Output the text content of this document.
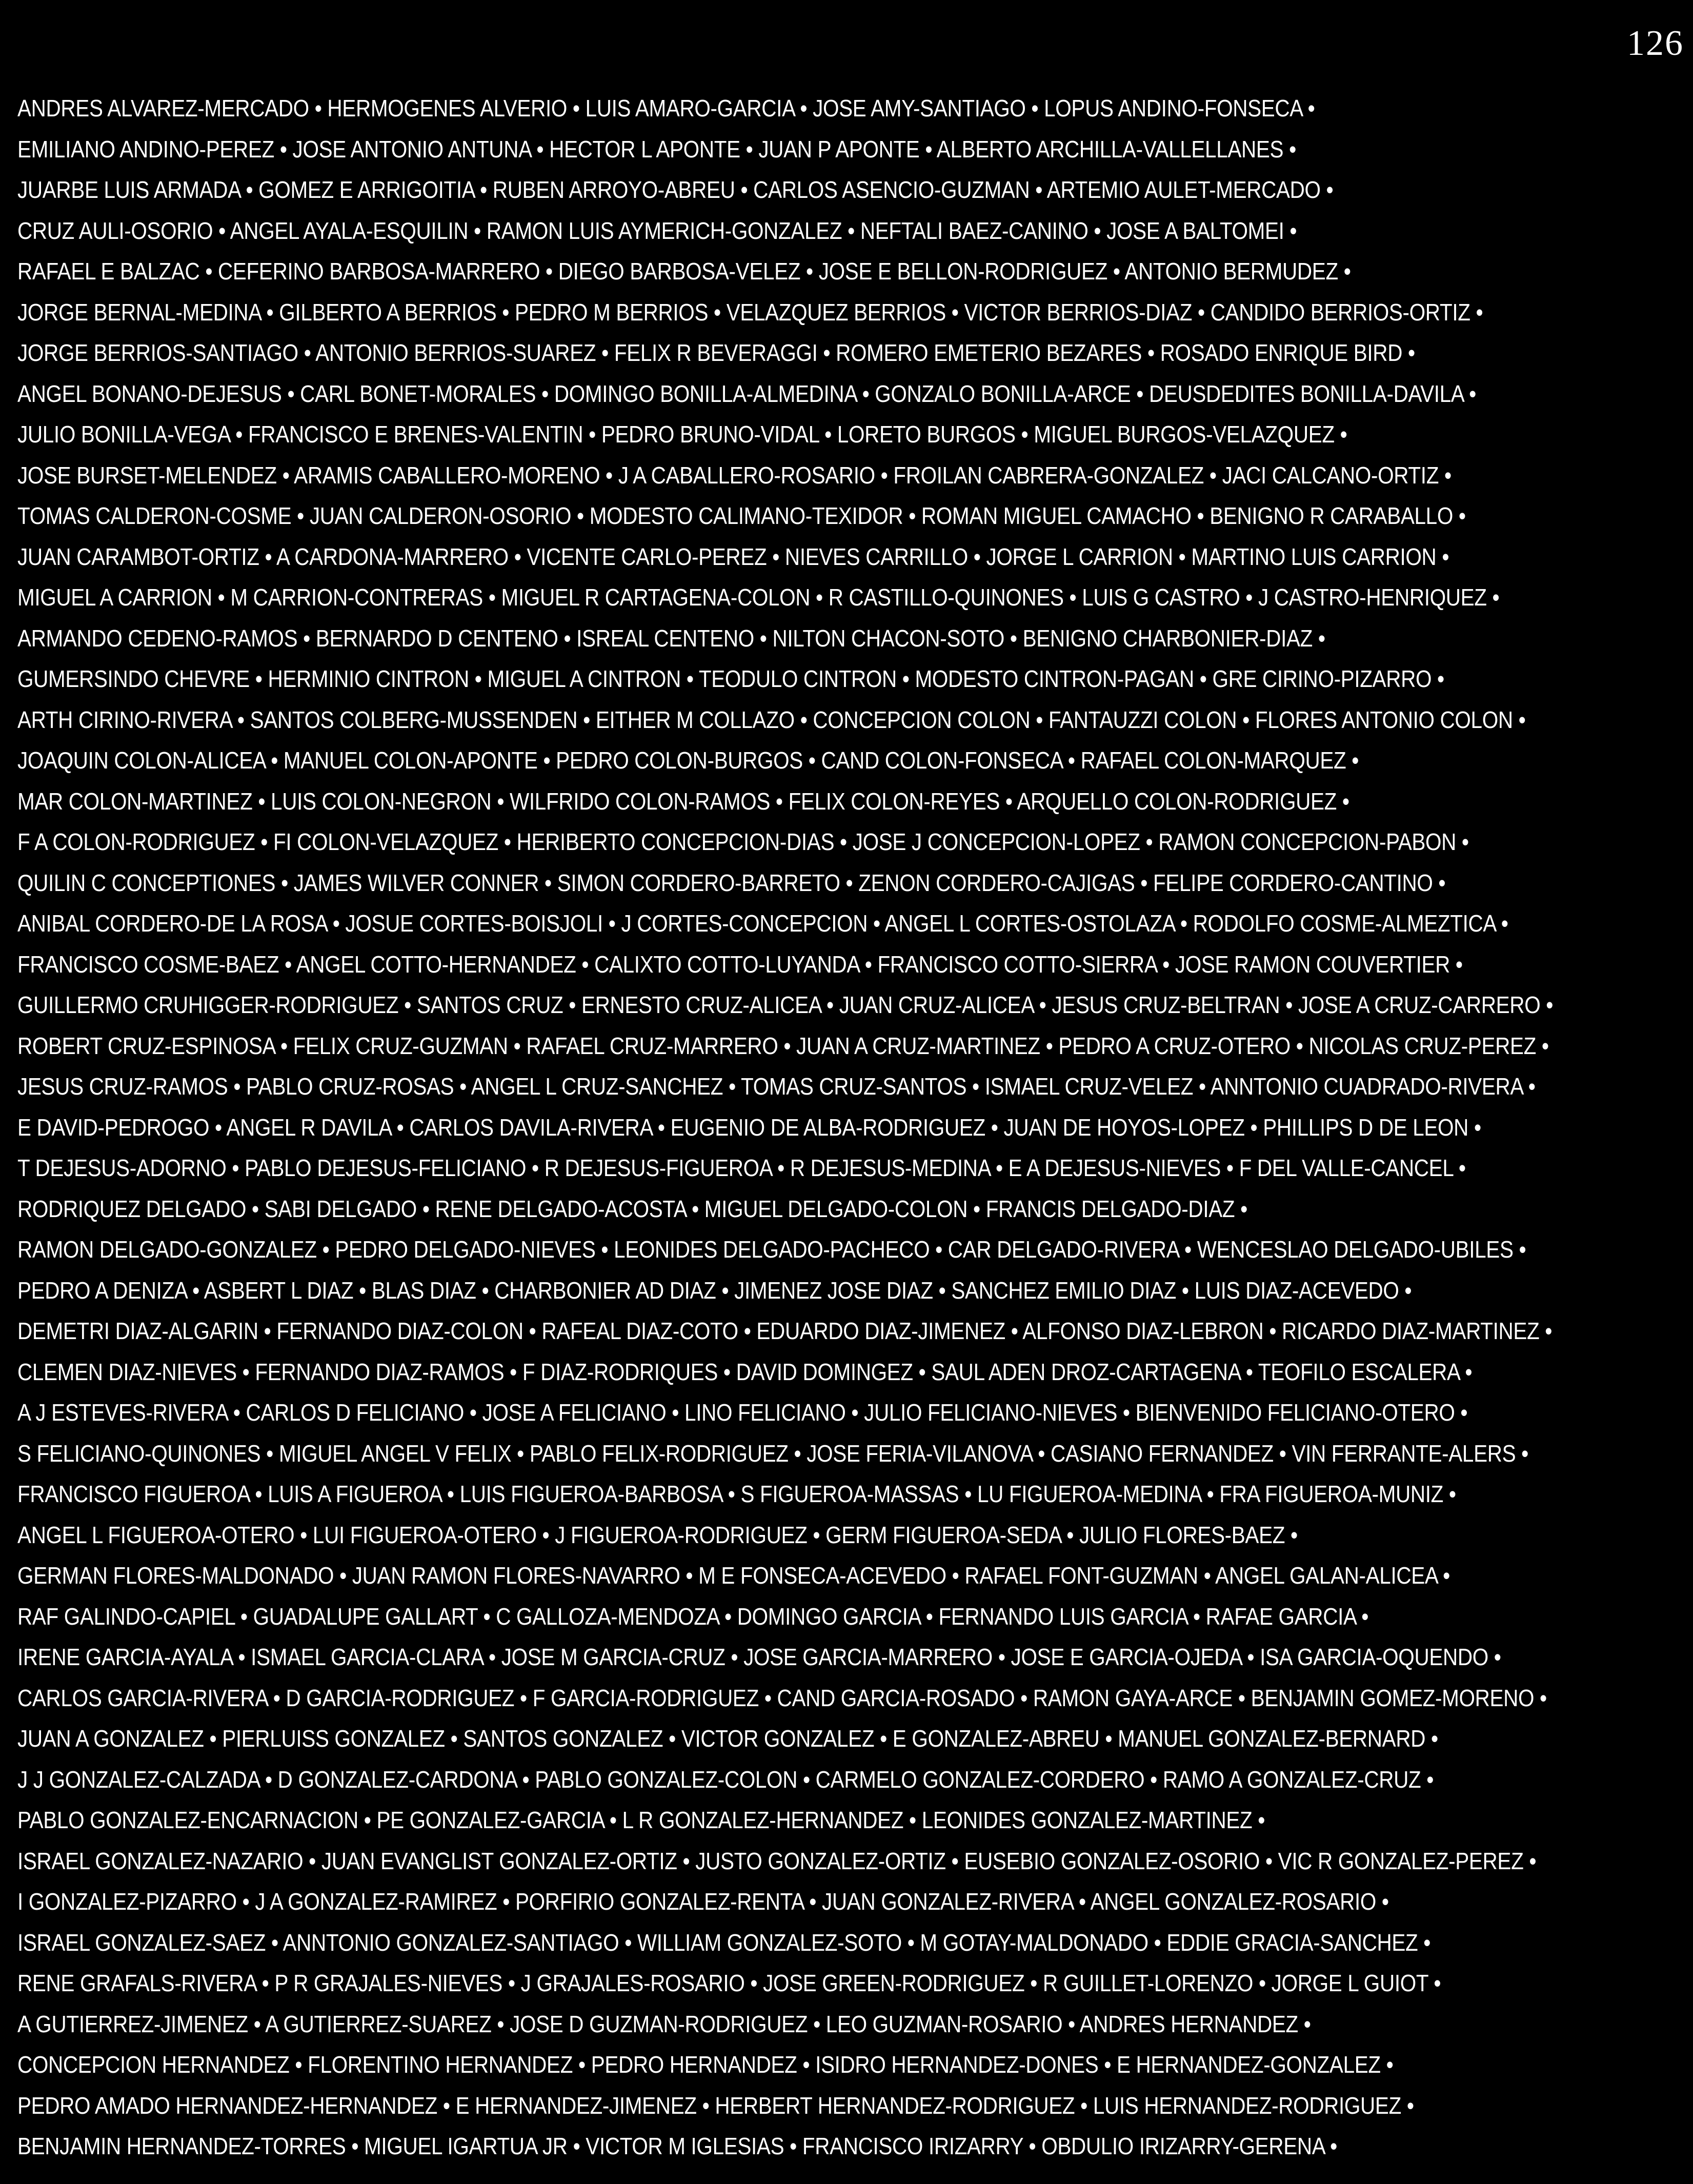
126
ANDRES ALVAREZ-MERCADO • HERMOGENES ALVERIO • LUIS AMARO-GARCIA • JOSE AMY-SANTIAGO • LOPUS ANDINO-FONSECA •
EMILIANO ANDINO-PEREZ • JOSE ANTONIO ANTUNA • HECTOR L APONTE • JUAN P APONTE • ALBERTO ARCHILLA-VALLELLANES •
JUARBE LUIS ARMADA • GOMEZ E ARRIGOITIA • RUBEN ARROYO-ABREU • CARLOS ASENCIO-GUZMAN • ARTEMIO AULET-MERCADO •
CRUZ AULI-OSORIO • ANGEL AYALA-ESQUILIN • RAMON LUIS AYMERICH-GONZALEZ • NEFTALI BAEZ-CANINO • JOSE A BALTOMEI •
RAFAEL E BALZAC • CEFERINO BARBOSA-MARRERO • DIEGO BARBOSA-VELEZ • JOSE E BELLON-RODRIGUEZ • ANTONIO BERMUDEZ •
JORGE BERNAL-MEDINA • GILBERTO A BERRIOS • PEDRO M BERRIOS • VELAZQUEZ BERRIOS • VICTOR BERRIOS-DIAZ • CANDIDO BERRIOS-ORTIZ •
JORGE BERRIOS-SANTIAGO • ANTONIO BERRIOS-SUAREZ • FELIX R BEVERAGGI • ROMERO EMETERIO BEZARES • ROSADO ENRIQUE BIRD •
ANGEL BONANO-DEJESUS • CARL BONET-MORALES • DOMINGO BONILLA-ALMEDINA • GONZALO BONILLA-ARCE • DEUSDEDITES BONILLA-DAVILA •
JULIO BONILLA-VEGA • FRANCISCO E BRENES-VALENTIN • PEDRO BRUNO-VIDAL • LORETO BURGOS • MIGUEL BURGOS-VELAZQUEZ •
JOSE BURSET-MELENDEZ • ARAMIS CABALLERO-MORENO • J A CABALLERO-ROSARIO • FROILAN CABRERA-GONZALEZ • JACI CALCANO-ORTIZ •
TOMAS CALDERON-COSME • JUAN CALDERON-OSORIO • MODESTO CALIMANO-TEXIDOR • ROMAN MIGUEL CAMACHO • BENIGNO R CARABALLO •
JUAN CARAMBOT-ORTIZ • A CARDONA-MARRERO • VICENTE CARLO-PEREZ • NIEVES CARRILLO • JORGE L CARRION • MARTINO LUIS CARRION •
MIGUEL A CARRION • M CARRION-CONTRERAS • MIGUEL R CARTAGENA-COLON • R CASTILLO-QUINONES • LUIS G CASTRO • J CASTRO-HENRIQUEZ •
ARMANDO CEDENO-RAMOS • BERNARDO D CENTENO • ISREAL CENTENO • NILTON CHACON-SOTO • BENIGNO CHARBONIER-DIAZ •
GUMERSINDO CHEVRE • HERMINIO CINTRON • MIGUEL A CINTRON • TEODULO CINTRON • MODESTO CINTRON-PAGAN • GRE CIRINO-PIZARRO •
ARTH CIRINO-RIVERA • SANTOS COLBERG-MUSSENDEN • EITHER M COLLAZO • CONCEPCION COLON • FANTAUZZI COLON • FLORES ANTONIO COLON •
JOAQUIN COLON-ALICEA • MANUEL COLON-APONTE • PEDRO COLON-BURGOS • CAND COLON-FONSECA • RAFAEL COLON-MARQUEZ •
MAR COLON-MARTINEZ • LUIS COLON-NEGRON • WILFRIDO COLON-RAMOS • FELIX COLON-REYES • ARQUELLO COLON-RODRIGUEZ •
F A COLON-RODRIGUEZ • FI COLON-VELAZQUEZ • HERIBERTO CONCEPCION-DIAS • JOSE J CONCEPCION-LOPEZ • RAMON CONCEPCION-PABON •
QUILIN C CONCEPTIONES • JAMES WILVER CONNER • SIMON CORDERO-BARRETO • ZENON CORDERO-CAJIGAS • FELIPE CORDERO-CANTINO •
ANIBAL CORDERO-DE LA ROSA • JOSUE CORTES-BOISJOLI • J CORTES-CONCEPCION • ANGEL L CORTES-OSTOLAZA • RODOLFO COSME-ALMEZTICA •
FRANCISCO COSME-BAEZ • ANGEL COTTO-HERNANDEZ • CALIXTO COTTO-LUYANDA • FRANCISCO COTTO-SIERRA • JOSE RAMON COUVERTIER •
GUILLERMO CRUHIGGER-RODRIGUEZ • SANTOS CRUZ • ERNESTO CRUZ-ALICEA • JUAN CRUZ-ALICEA • JESUS CRUZ-BELTRAN • JOSE A CRUZ-CARRERO •
ROBERT CRUZ-ESPINOSA • FELIX CRUZ-GUZMAN • RAFAEL CRUZ-MARRERO • JUAN A CRUZ-MARTINEZ • PEDRO A CRUZ-OTERO • NICOLAS CRUZ-PEREZ •
JESUS CRUZ-RAMOS • PABLO CRUZ-ROSAS • ANGEL L CRUZ-SANCHEZ • TOMAS CRUZ-SANTOS • ISMAEL CRUZ-VELEZ • ANNTONIO CUADRADO-RIVERA •
E DAVID-PEDROGO • ANGEL R DAVILA • CARLOS DAVILA-RIVERA • EUGENIO DE ALBA-RODRIGUEZ • JUAN DE HOYOS-LOPEZ • PHILLIPS D DE LEON •
T DEJESUS-ADORNO • PABLO DEJESUS-FELICIANO • R DEJESUS-FIGUEROA • R DEJESUS-MEDINA • E A DEJESUS-NIEVES • F DEL VALLE-CANCEL •
RODRIQUEZ DELGADO • SABI DELGADO • RENE DELGADO-ACOSTA • MIGUEL DELGADO-COLON • FRANCIS DELGADO-DIAZ •
RAMON DELGADO-GONZALEZ • PEDRO DELGADO-NIEVES • LEONIDES DELGADO-PACHECO • CAR DELGADO-RIVERA • WENCESLAO DELGADO-UBILES •
PEDRO A DENIZA • ASBERT L DIAZ • BLAS DIAZ • CHARBONIER AD DIAZ • JIMENEZ JOSE DIAZ • SANCHEZ EMILIO DIAZ • LUIS DIAZ-ACEVEDO •
DEMETRI DIAZ-ALGARIN • FERNANDO DIAZ-COLON • RAFEAL DIAZ-COTO • EDUARDO DIAZ-JIMENEZ • ALFONSO DIAZ-LEBRON • RICARDO DIAZ-MARTINEZ •
CLEMEN DIAZ-NIEVES • FERNANDO DIAZ-RAMOS • F DIAZ-RODRIQUES • DAVID DOMINGEZ • SAUL ADEN DROZ-CARTAGENA • TEOFILO ESCALERA •
A J ESTEVES-RIVERA • CARLOS D FELICIANO • JOSE A FELICIANO • LINO FELICIANO • JULIO FELICIANO-NIEVES • BIENVENIDO FELICIANO-OTERO •
S FELICIANO-QUINONES • MIGUEL ANGEL V FELIX • PABLO FELIX-RODRIGUEZ • JOSE FERIA-VILANOVA • CASIANO FERNANDEZ • VIN FERRANTE-ALERS •
FRANCISCO FIGUEROA • LUIS A FIGUEROA • LUIS FIGUEROA-BARBOSA • S FIGUEROA-MASSAS • LU FIGUEROA-MEDINA • FRA FIGUEROA-MUNIZ •
ANGEL L FIGUEROA-OTERO • LUI FIGUEROA-OTERO • J FIGUEROA-RODRIGUEZ • GERM FIGUEROA-SEDA • JULIO FLORES-BAEZ •
GERMAN FLORES-MALDONADO • JUAN RAMON FLORES-NAVARRO • M E FONSECA-ACEVEDO • RAFAEL FONT-GUZMAN • ANGEL GALAN-ALICEA •
RAF GALINDO-CAPIEL • GUADALUPE GALLART • C GALLOZA-MENDOZA • DOMINGO GARCIA • FERNANDO LUIS GARCIA • RAFAE GARCIA •
IRENE GARCIA-AYALA • ISMAEL GARCIA-CLARA • JOSE M GARCIA-CRUZ • JOSE GARCIA-MARRERO • JOSE E GARCIA-OJEDA • ISA GARCIA-OQUENDO •
CARLOS GARCIA-RIVERA • D GARCIA-RODRIGUEZ • F GARCIA-RODRIGUEZ • CAND GARCIA-ROSADO • RAMON GAYA-ARCE • BENJAMIN GOMEZ-MORENO •
JUAN A GONZALEZ • PIERLUISS GONZALEZ • SANTOS GONZALEZ • VICTOR GONZALEZ • E GONZALEZ-ABREU • MANUEL GONZALEZ-BERNARD •
J J GONZALEZ-CALZADA • D GONZALEZ-CARDONA • PABLO GONZALEZ-COLON • CARMELO GONZALEZ-CORDERO • RAMO A GONZALEZ-CRUZ •
PABLO GONZALEZ-ENCARNACION • PE GONZALEZ-GARCIA • L R GONZALEZ-HERNANDEZ • LEONIDES GONZALEZ-MARTINEZ •
ISRAEL GONZALEZ-NAZARIO • JUAN EVANGLIST GONZALEZ-ORTIZ • JUSTO GONZALEZ-ORTIZ • EUSEBIO GONZALEZ-OSORIO • VIC R GONZALEZ-PEREZ •
I GONZALEZ-PIZARRO • J A GONZALEZ-RAMIREZ • PORFIRIO GONZALEZ-RENTA • JUAN GONZALEZ-RIVERA • ANGEL GONZALEZ-ROSARIO •
ISRAEL GONZALEZ-SAEZ • ANNTONIO GONZALEZ-SANTIAGO • WILLIAM GONZALEZ-SOTO • M GOTAY-MALDONADO • EDDIE GRACIA-SANCHEZ •
RENE GRAFALS-RIVERA • P R GRAJALES-NIEVES • J GRAJALES-ROSARIO • JOSE GREEN-RODRIGUEZ • R GUILLET-LORENZO • JORGE L GUIOT •
A GUTIERREZ-JIMENEZ • A GUTIERREZ-SUAREZ • JOSE D GUZMAN-RODRIGUEZ • LEO GUZMAN-ROSARIO • ANDRES HERNANDEZ •
CONCEPCION HERNANDEZ • FLORENTINO HERNANDEZ • PEDRO HERNANDEZ • ISIDRO HERNANDEZ-DONES • E HERNANDEZ-GONZALEZ •
PEDRO AMADO HERNANDEZ-HERNANDEZ • E HERNANDEZ-JIMENEZ • HERBERT HERNANDEZ-RODRIGUEZ • LUIS HERNANDEZ-RODRIGUEZ •
BENJAMIN HERNANDEZ-TORRES • MIGUEL IGARTUA JR • VICTOR M IGLESIAS • FRANCISCO IRIZARRY • OBDULIO IRIZARRY-GERENA •
